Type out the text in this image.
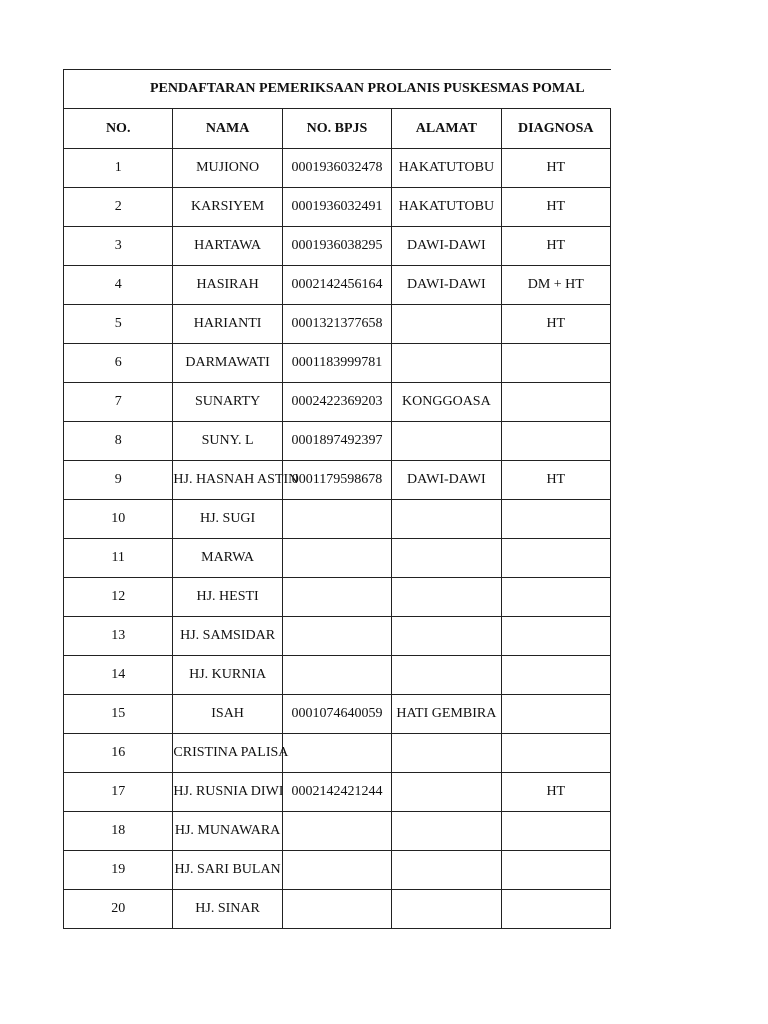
PENDAFTARAN PEMERIKSAAN PROLANIS PUSKESMAS POMAL				
NO.	NAMA	NO. BPJS	ALAMAT	DIAGNOSA
1	MUJIONO	0001936032478	HAKATUTOBU	HT
2	KARSIYEM	0001936032491	HAKATUTOBU	HT
3	HARTAWA	0001936038295	DAWI-DAWI	HT
4	HASIRAH	0002142456164	DAWI-DAWI	DM + HT
5	HARIANTI	0001321377658		HT
6	DARMAWATI	0001183999781		
7	SUNARTY	0002422369203	KONGGOASA	
8	SUNY. L	0001897492397		
9	HJ. HASNAH ASTIN	0001179598678	DAWI-DAWI	HT
10	HJ. SUGI			
11	MARWA			
12	HJ. HESTI			
13	HJ. SAMSIDAR			
14	HJ. KURNIA			
15	ISAH	0001074640059	HATI GEMBIRA	
16	CRISTINA PALISA			
17	HJ. RUSNIA DIWI	0002142421244		HT
18	HJ. MUNAWARA			
19	HJ. SARI BULAN			
20	HJ. SINAR			
